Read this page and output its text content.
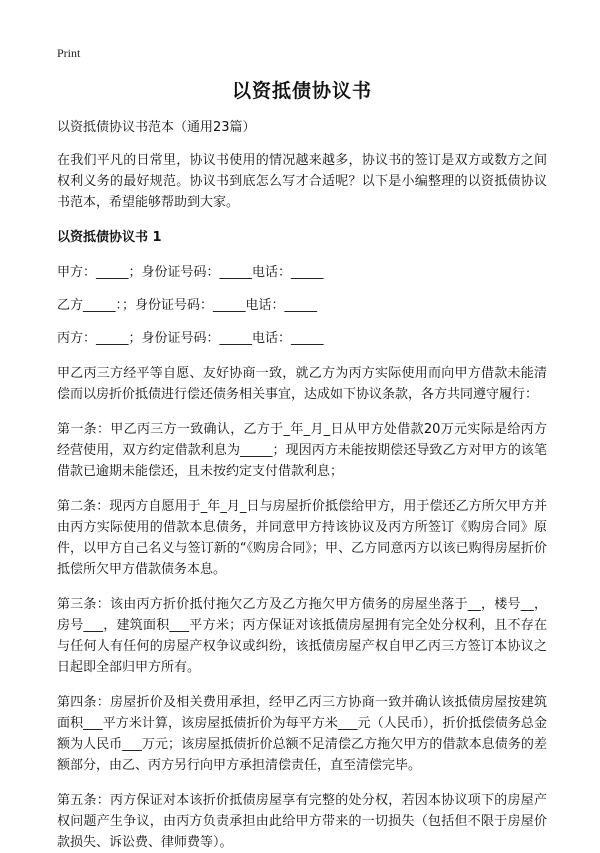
Print
以资抵债协议书
以资抵债协议书范本（通用23篇）
在我们平凡的日常里，协议书使用的情况越来越多，协议书的签订是双方或数方之间权利义务的最好规范。协议书到底怎么写才合适呢？以下是小编整理的以资抵债协议书范本，希望能够帮助到大家。
以资抵债协议书 1
甲方：_____；身份证号码：_____电话：_____
乙方_____：；身份证号码：_____电话：_____
丙方：_____；身份证号码：_____电话：_____
甲乙丙三方经平等自愿、友好协商一致，就乙方为丙方实际使用而向甲方借款未能清偿而以房折价抵债进行偿还债务相关事宜，达成如下协议条款，各方共同遵守履行：
第一条：甲乙丙三方一致确认，乙方于_年_月_日从甲方处借款20万元实际是给丙方经营使用，双方约定借款利息为_____；现因丙方未能按期偿还导致乙方对甲方的该笔借款已逾期未能偿还，且未按约定支付借款利息；
第二条：现丙方自愿用于_年_月_日与房屋折价抵偿给甲方，用于偿还乙方所欠甲方并由丙方实际使用的借款本息债务，并同意甲方持该协议及丙方所签订《购房合同》原件，以甲方自己名义与签订新的“《购房合同》；甲、乙方同意丙方以该已购得房屋折价抵偿所欠甲方借款债务本息。
第三条：该由丙方折价抵付拖欠乙方及乙方拖欠甲方债务的房屋坐落于__，楼号__，房号___，建筑面积___平方米；丙方保证对该抵债房屋拥有完全处分权利，且不存在与任何人有任何的房屋产权争议或纠纷，该抵债房屋产权自甲乙丙三方签订本协议之日起即全部归甲方所有。
第四条：房屋折价及相关费用承担，经甲乙丙三方协商一致并确认该抵债房屋按建筑面积___平方米计算，该房屋抵债折价为每平方米___元（人民币），折价抵偿债务总金额为人民币___万元；该房屋抵债折价总额不足清偿乙方拖欠甲方的借款本息债务的差额部分，由乙、丙方另行向甲方承担清偿责任，直至清偿完毕。
第五条：丙方保证对本该折价抵债房屋享有完整的处分权，若因本协议项下的房屋产权问题产生争议，由丙方负责承担由此给甲方带来的一切损失（包括但不限于房屋价款损失、诉讼费、律师费等）。
